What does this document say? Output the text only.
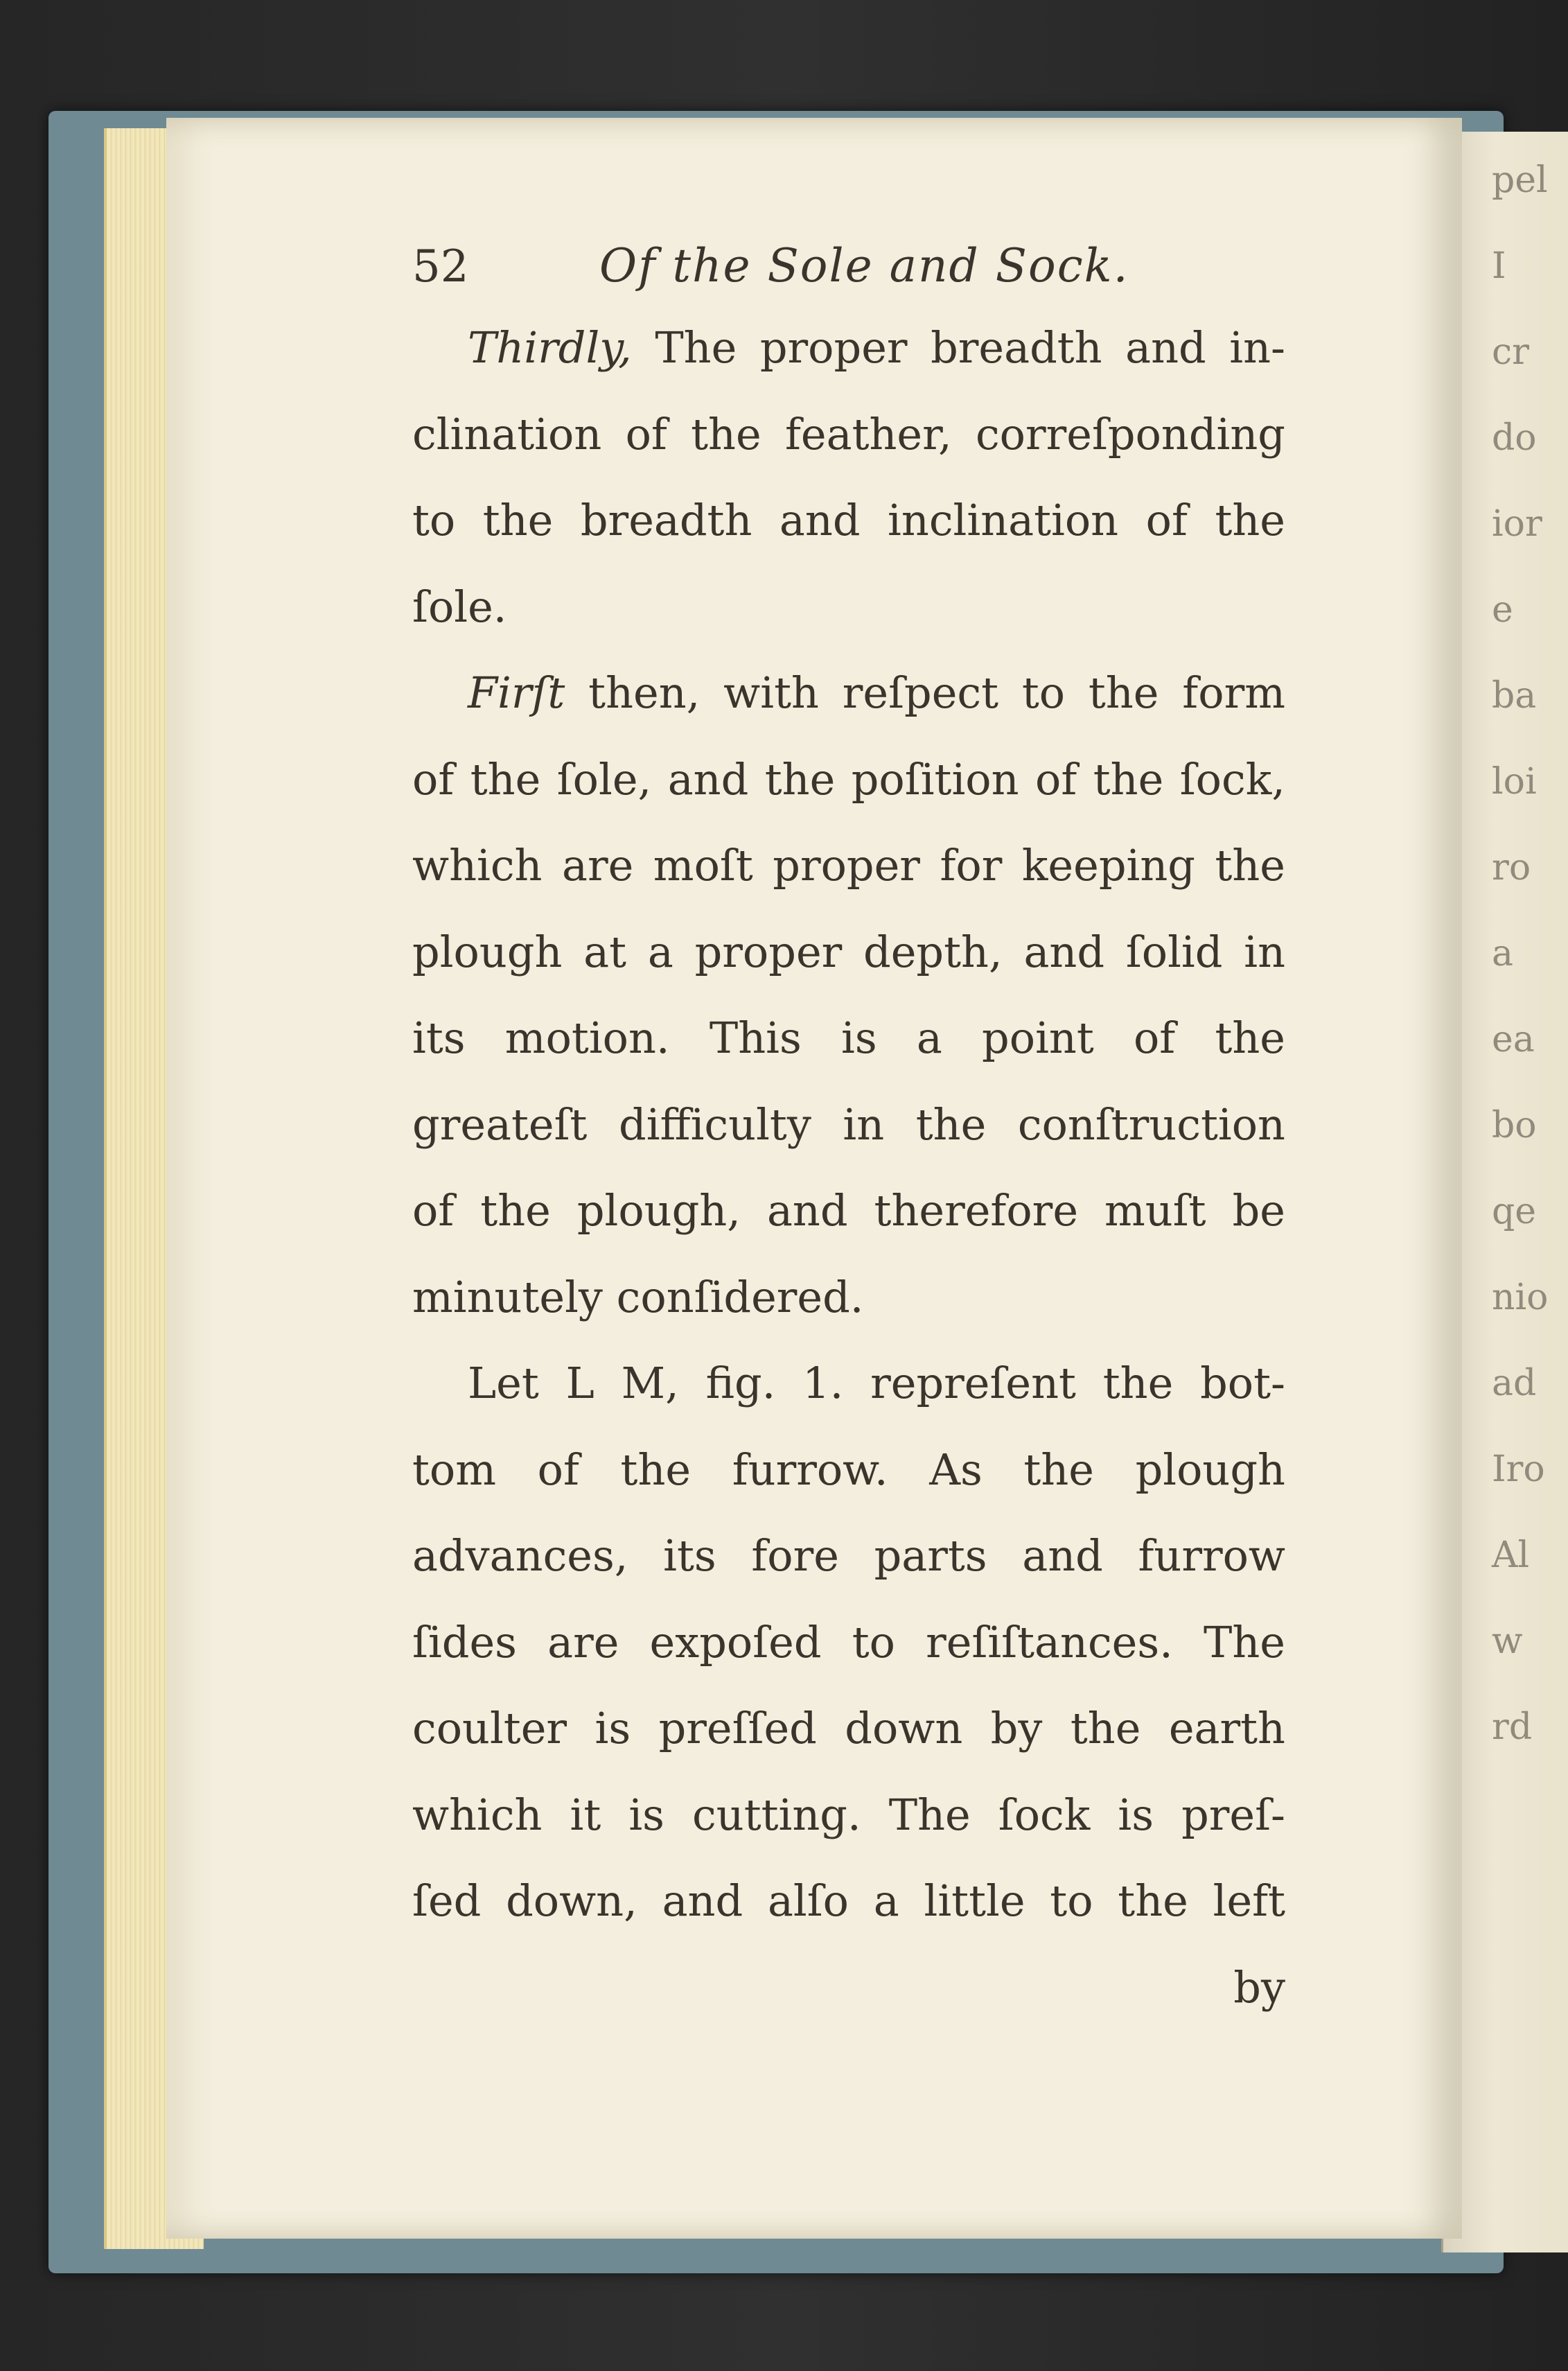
pel
I
cr
do
ior
e
ba
loi
ro
a
ea
bo
qe
nio
ad
Iro
Al
w
rd
52	Of the Sole and Sock.
Thirdly, The proper breadth and in-
clination of the feather, correſponding
to the breadth and inclination of the
ſole.
Firſt then, with reſpect to the form
of the ſole, and the poſition of the ſock,
which are moſt proper for keeping the
plough at a proper depth, and ſolid in
its motion. This is a point of the
greateſt difficulty in the conſtruction
of the plough, and therefore muſt be
minutely conſidered.
Let L M, fig. 1. repreſent the bot-
tom of the furrow. As the plough
advances, its fore parts and furrow
ſides are expoſed to reſiſtances. The
coulter is preſſed down by the earth
which it is cutting. The ſock is preſ-
ſed down, and alſo a little to the left
by
